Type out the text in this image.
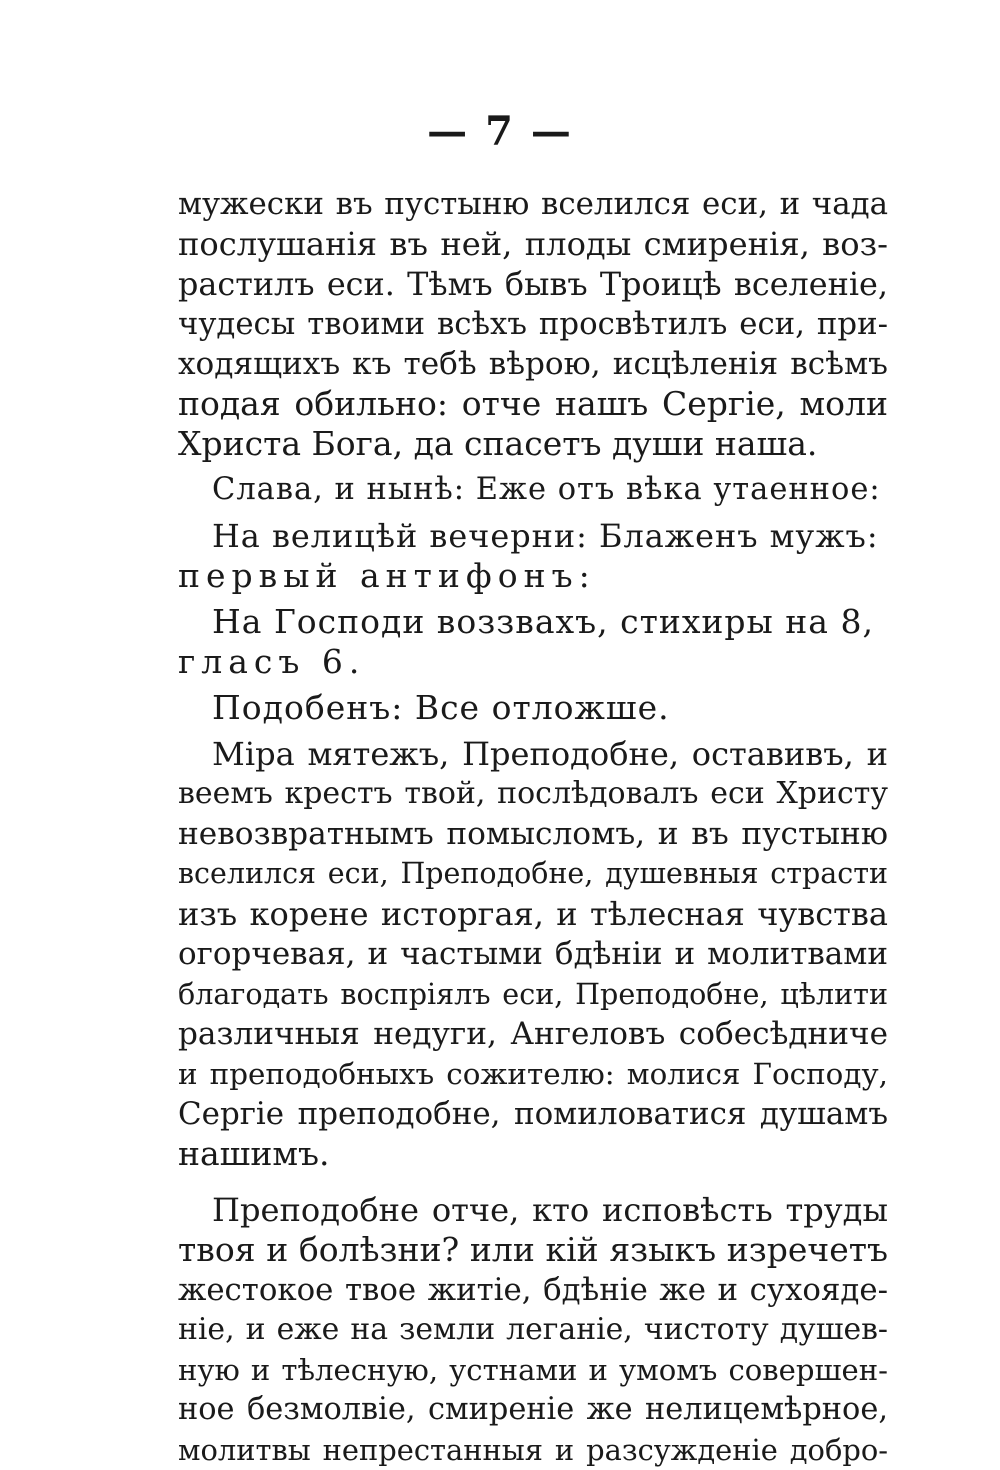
— 7 —
мужески въ пустыню вселился еси, и чада
послушанія въ ней, плоды смиренія, воз-
растилъ еси. Тѣмъ бывъ Троицѣ вселеніе,
чудесы твоими всѣхъ просвѣтилъ еси, при-
ходящихъ къ тебѣ вѣрою, исцѣленія всѣмъ
подая обильно: отче нашъ Сергіе, моли
Христа Бога, да спасетъ души наша.
Слава, и нынѣ: Еже отъ вѣка утаенное:
На велицѣй вечерни: Блаженъ мужъ:
первый антифонъ:
На Господи воззвахъ, стихиры на 8,
гласъ 6.
Подобенъ: Все отложше.
Міра мятежъ, Преподобне, оставивъ, и
веемъ крестъ твой, послѣдовалъ еси Христу
невозвратнымъ помысломъ, и въ пустыню
вселился еси, Преподобне, душевныя страсти
изъ корене исторгая, и тѣлесная чувства
огорчевая, и частыми бдѣніи и молитвами
благодать воспріялъ еси, Преподобне, цѣлити
различныя недуги, Ангеловъ собесѣдниче
и преподобныхъ сожителю: молися Господу,
Сергіе преподобне, помиловатися душамъ
нашимъ.
Преподобне отче, кто исповѣсть труды
твоя и болѣзни? или кій языкъ изречетъ
жестокое твое житіе, бдѣніе же и сухояде-
ніе, и еже на земли леганіе, чистоту душев-
ную и тѣлесную, устнами и умомъ совершен-
ное безмолвіе, смиреніе же нелицемѣрное,
молитвы непрестанныя и разсужденіе добро-
